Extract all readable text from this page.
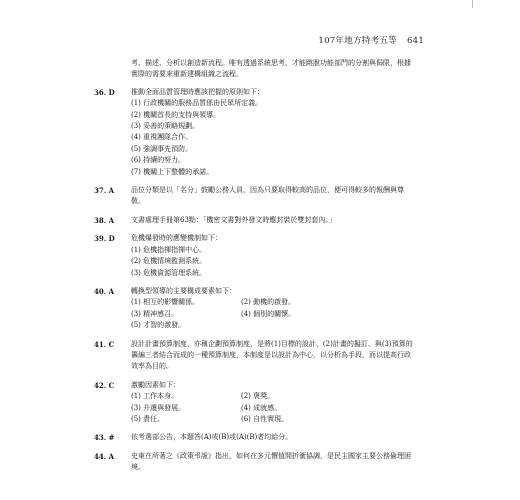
107年地方特考五等 641
考、描述、分析以創造新流程。唯有透過系統思考，才能跳脫功能部門的分割與侷限，根據實際的需要來重新建構組織之流程。
36. D	推動全面品質管理時應該把握的原則如下：
(1) 行政機關的服務品質係由民眾所定義。
(2) 機關首長的支持與領導。
(3) 妥善的策略規劃。
(4) 重視團隊合作。
(5) 強調事先預防。
(6) 持續的努力。
(7) 機關上下整體的承諾。
37. A	品位分類是以「名分」鼓勵公務人員，因為只要取得較高的品位，便可得較多的報酬與尊敬。
38. A	文書處理手冊第63點：「機密文書對外發文時應封裝於雙封套內。」
39. D	危機爆發時的應變機制如下：
(1) 危機指揮指揮中心。
(2) 危機情境監測系統。
(3) 危機資源管理系統。
40. A	轉換型領導的主要構成要素如下：
(1) 相互的影響關係。	(2) 動機的啟發。
(3) 精神感召。	(4) 個別的關懷。
(5) 才智的激發。
41. C	設計計畫預算制度，亦稱企劃預算制度，是將(1)目標的設計、(2)計畫的擬訂、與(3)預算的籌編三者結合而成的一種預算制度，本制度是以設計為中心，以分析為手段，而以提高行政效率為目的。
42. C	激勵因素如下：
(1) 工作本身。	(2) 褒獎。
(3) 升遷與發展。	(4) 成就感。
(5) 責任。	(6) 自性實現。
43. #	依考選部公告，本題答(A)或(B)或(A)(B)者均給分。
44. A	史東在所著之《政策弔詭》指出，如何在多元價值間折衝協調，是民主國家主要公務倫理困境。
